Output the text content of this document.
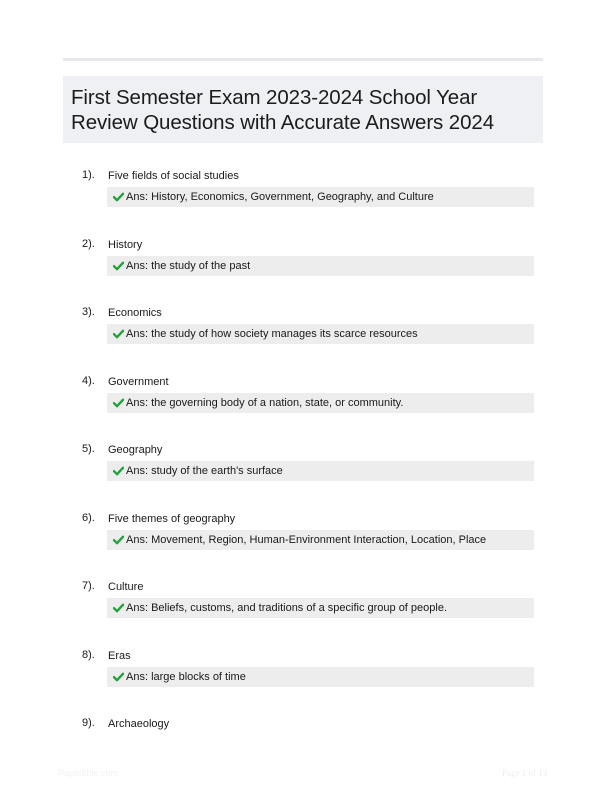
First Semester Exam 2023-2024 School Year
Review Questions with Accurate Answers 2024
1). Five fields of social studies
Ans: History, Economics, Government, Geography, and Culture
2). History
Ans: the study of the past
3). Economics
Ans: the study of how society manages its scarce resources
4). Government
Ans: the governing body of a nation, state, or community.
5). Geography
Ans: study of the earth's surface
6). Five themes of geography
Ans: Movement, Region, Human-Environment Interaction, Location, Place
7). Culture
Ans: Beliefs, customs, and traditions of a specific group of people.
8). Eras
Ans: large blocks of time
9). Archaeology
Papertible.com	Page 1 of 13
